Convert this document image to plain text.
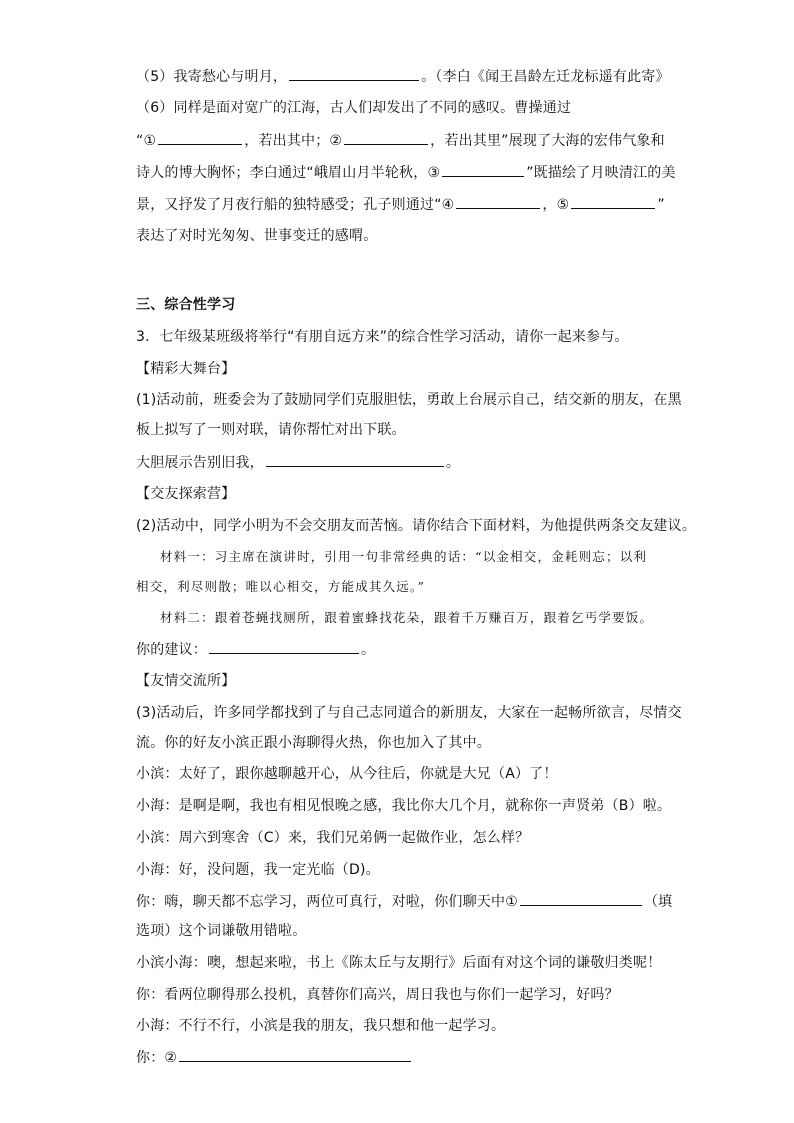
（5）我寄愁心与明月，	。（李白《闻王昌龄左迁龙标遥有此寄》
（6）同样是面对宽广的江海，古人们却发出了不同的感叹。曹操通过
“①	，若出其中；②	，若出其里”展现了大海的宏伟气象和
诗人的博大胸怀；李白通过“峨眉山月半轮秋，③	”既描绘了月映清江的美
景，又抒发了月夜行船的独特感受；孔子则通过“④	，⑤	”
表达了对时光匆匆、世事变迁的感喟。
三、综合性学习
3．七年级某班级将举行“有朋自远方来”的综合性学习活动，请你一起来参与。
【精彩大舞台】
(1)活动前，班委会为了鼓励同学们克服胆怯，勇敢上台展示自己，结交新的朋友，在黑
板上拟写了一则对联，请你帮忙对出下联。
大胆展示告别旧我，	。
【交友探索营】
(2)活动中，同学小明为不会交朋友而苦恼。请你结合下面材料，为他提供两条交友建议。
材料一：习主席在演讲时，引用一句非常经典的话：“以金相交，金耗则忘；以利
相交，利尽则散；唯以心相交，方能成其久远。”
材料二：跟着苍蝇找厕所，跟着蜜蜂找花朵，跟着千万赚百万，跟着乞丐学要饭。
你的建议：	。
【友情交流所】
(3)活动后，许多同学都找到了与自己志同道合的新朋友，大家在一起畅所欲言，尽情交
流。你的好友小滨正跟小海聊得火热，你也加入了其中。
小滨：太好了，跟你越聊越开心，从今往后，你就是大兄（A）了！
小海：是啊是啊，我也有相见恨晚之感，我比你大几个月，就称你一声贤弟（B）啦。
小滨：周六到寒舍（C）来，我们兄弟俩一起做作业，怎么样？
小海：好，没问题，我一定光临（D)。
你：嗨，聊天都不忘学习，两位可真行，对啦，你们聊天中①	（填
选项）这个词谦敬用错啦。
小滨小海：噢，想起来啦，书上《陈太丘与友期行》后面有对这个词的谦敬归类呢！
你：看两位聊得那么投机，真替你们高兴，周日我也与你们一起学习，好吗？
小海：不行不行，小滨是我的朋友，我只想和他一起学习。
你：②
